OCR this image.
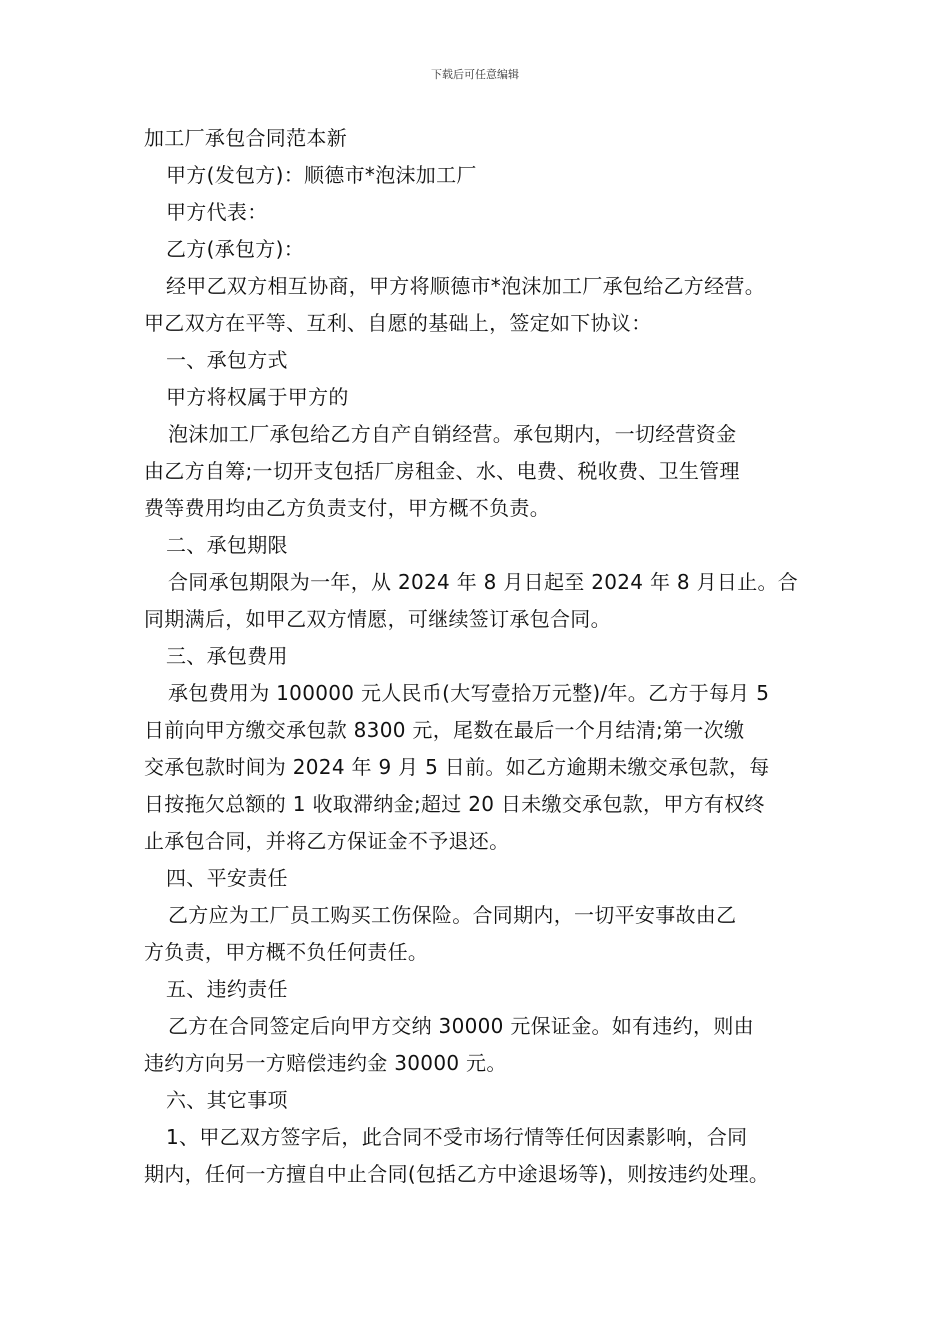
下载后可任意编辑
加工厂承包合同范本新
甲方(发包方)：顺德市*泡沫加工厂
甲方代表：
乙方(承包方)：
经甲乙双方相互协商，甲方将顺德市*泡沫加工厂承包给乙方经营。
甲乙双方在平等、互利、自愿的基础上，签定如下协议：
一、承包方式
甲方将权属于甲方的
泡沫加工厂承包给乙方自产自销经营。承包期内，一切经营资金
由乙方自筹;一切开支包括厂房租金、水、电费、税收费、卫生管理
费等费用均由乙方负责支付，甲方概不负责。
二、承包期限
合同承包期限为一年，从 2024 年 8 月日起至 2024 年 8 月日止。合
同期满后，如甲乙双方情愿，可继续签订承包合同。
三、承包费用
承包费用为 100000 元人民币(大写壹拾万元整)/年。乙方于每月 5
日前向甲方缴交承包款 8300 元，尾数在最后一个月结清;第一次缴
交承包款时间为 2024 年 9 月 5 日前。如乙方逾期未缴交承包款，每
日按拖欠总额的 1 收取滞纳金;超过 20 日未缴交承包款，甲方有权终
止承包合同，并将乙方保证金不予退还。
四、平安责任
乙方应为工厂员工购买工伤保险。合同期内，一切平安事故由乙
方负责，甲方概不负任何责任。
五、违约责任
乙方在合同签定后向甲方交纳 30000 元保证金。如有违约，则由
违约方向另一方赔偿违约金 30000 元。
六、其它事项
1、甲乙双方签字后，此合同不受市场行情等任何因素影响，合同
期内，任何一方擅自中止合同(包括乙方中途退场等)，则按违约处理。
